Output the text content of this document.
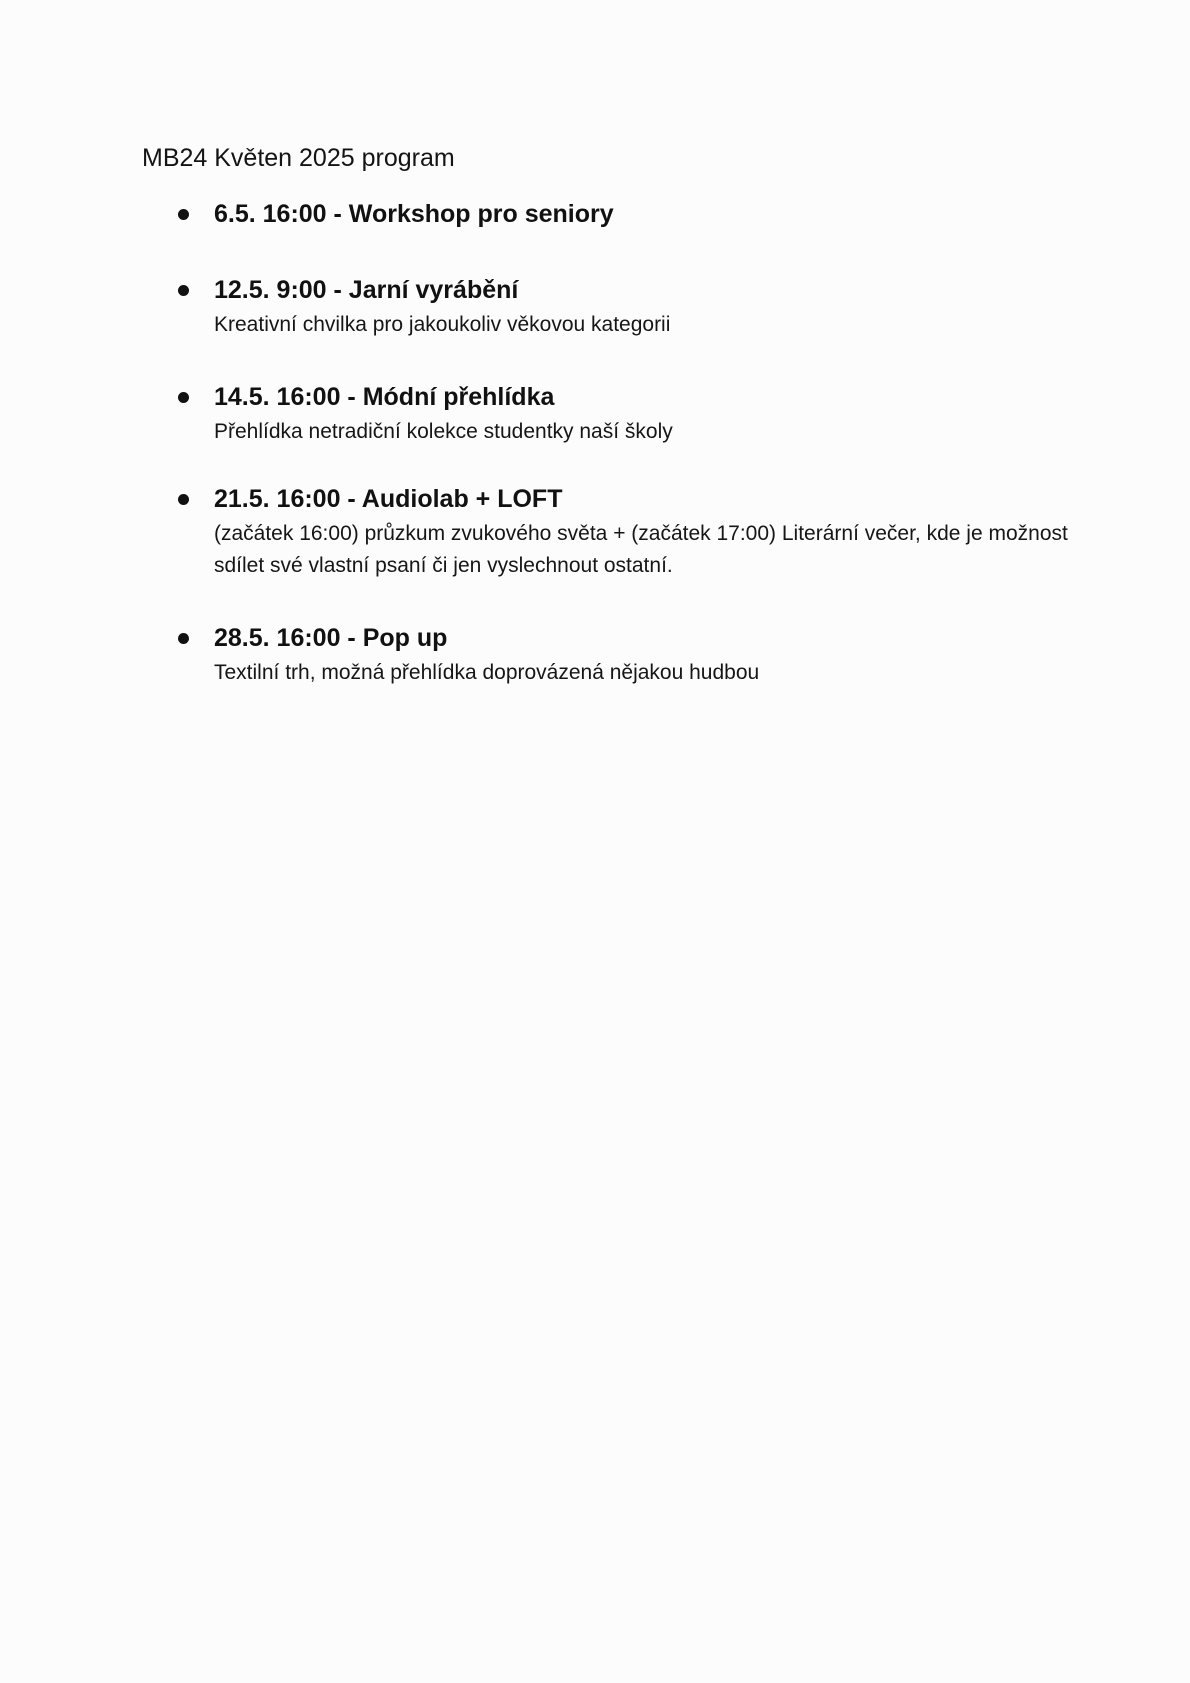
MB24 Květen 2025 program
6.5. 16:00 - Workshop pro seniory
12.5. 9:00 - Jarní vyrábění
Kreativní chvilka pro jakoukoliv věkovou kategorii
14.5. 16:00 - Módní přehlídka
Přehlídka netradiční kolekce studentky naší školy
21.5. 16:00 - Audiolab + LOFT
(začátek 16:00) průzkum zvukového světa + (začátek 17:00) Literární večer, kde je možnost sdílet své vlastní psaní či jen vyslechnout ostatní.
28.5. 16:00 - Pop up
Textilní trh, možná přehlídka doprovázená nějakou hudbou
